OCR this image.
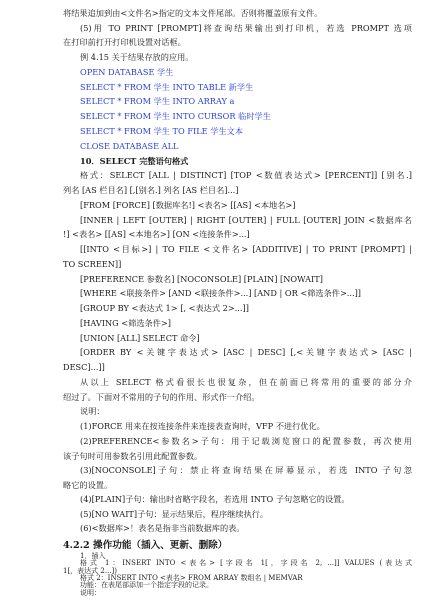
将结果追加到由<文件名>指定的文本文件尾部。否则将覆盖原有文件。
(5)用 TO PRINT [PROMPT]将查询结果输出到打印机，若选 PROMPT 选项
在打印前打开打印机设置对话框。
例 4.15 关于结果存放的应用。
OPEN DATABASE 学生
SELECT * FROM 学生 INTO TABLE 新学生
SELECT * FROM 学生 INTO ARRAY a
SELECT * FROM 学生 INTO CURSOR 临时学生
SELECT * FROM 学生 TO FILE 学生文本
CLOSE DATABASE ALL
10．SELECT 完整语句格式
格式：SELECT [ALL | DISTINCT] [TOP <数值表达式> [PERCENT]] [别名.]
列名 [AS 栏目名] [,[别名.] 列名 [AS 栏目名]...]
[FROM [FORCE] [数据库名!] <表名> [[AS] <本地名>]
[INNER | LEFT [OUTER] | RIGHT [OUTER] | FULL [OUTER] JOIN <数据库名
!] <表名> [[AS] <本地名>] [ON <连接条件>...]
[[INTO <目标>] | TO FILE <文件名> [ADDITIVE] | TO PRINT [PROMPT] |
TO SCREEN]]
[PREFERENCE 参数名] [NOCONSOLE] [PLAIN] [NOWAIT]
[WHERE <联接条件> [AND <联接条件>...] [AND | OR <筛选条件>...]]
[GROUP BY <表达式 1> [, <表达式 2>...]]
[HAVING <筛选条件>]
[UNION [ALL] SELECT 命令]
[ORDER BY <关键字表达式> [ASC | DESC] [,<关键字表达式> [ASC |
DESC]...]]
从以上 SELECT 格式看很长也很复杂，但在前面已将常用的重要的部分介
绍过了。下面对不常用的子句的作用、形式作一介绍。
说明：
(1)FORCE 用来在按连接条件来连接表查询时，VFP 不进行优化。
(2)PREFERENCE<参数名>子句：用于记载浏览窗口的配置参数，再次使用
该子句时可用参数名引用此配置参数。
(3)[NOCONSOLE]子句：禁止将查询结果在屏幕显示，若选 INTO 子句忽
略它的设置。
(4)[PLAIN]子句：输出时省略字段名，若选用 INTO 子句忽略它的设置。
(5)[NO WAIT]子句：显示结果后，程序继续执行。
(6)<数据库>！表名是指非当前数据库的表。
4.2.2 操作功能（插入、更新、删除）
1．插入
格式 1：INSERT INTO <表名> [字段名 1[，字段名 2, ...]] VALUES (表达式
1[，表达式 2...])
格式 2：INSERT INTO <表名> FROM ARRAY 数组名 | MEMVAR
功能：在表尾部添加一个指定字段的记录。
说明：
